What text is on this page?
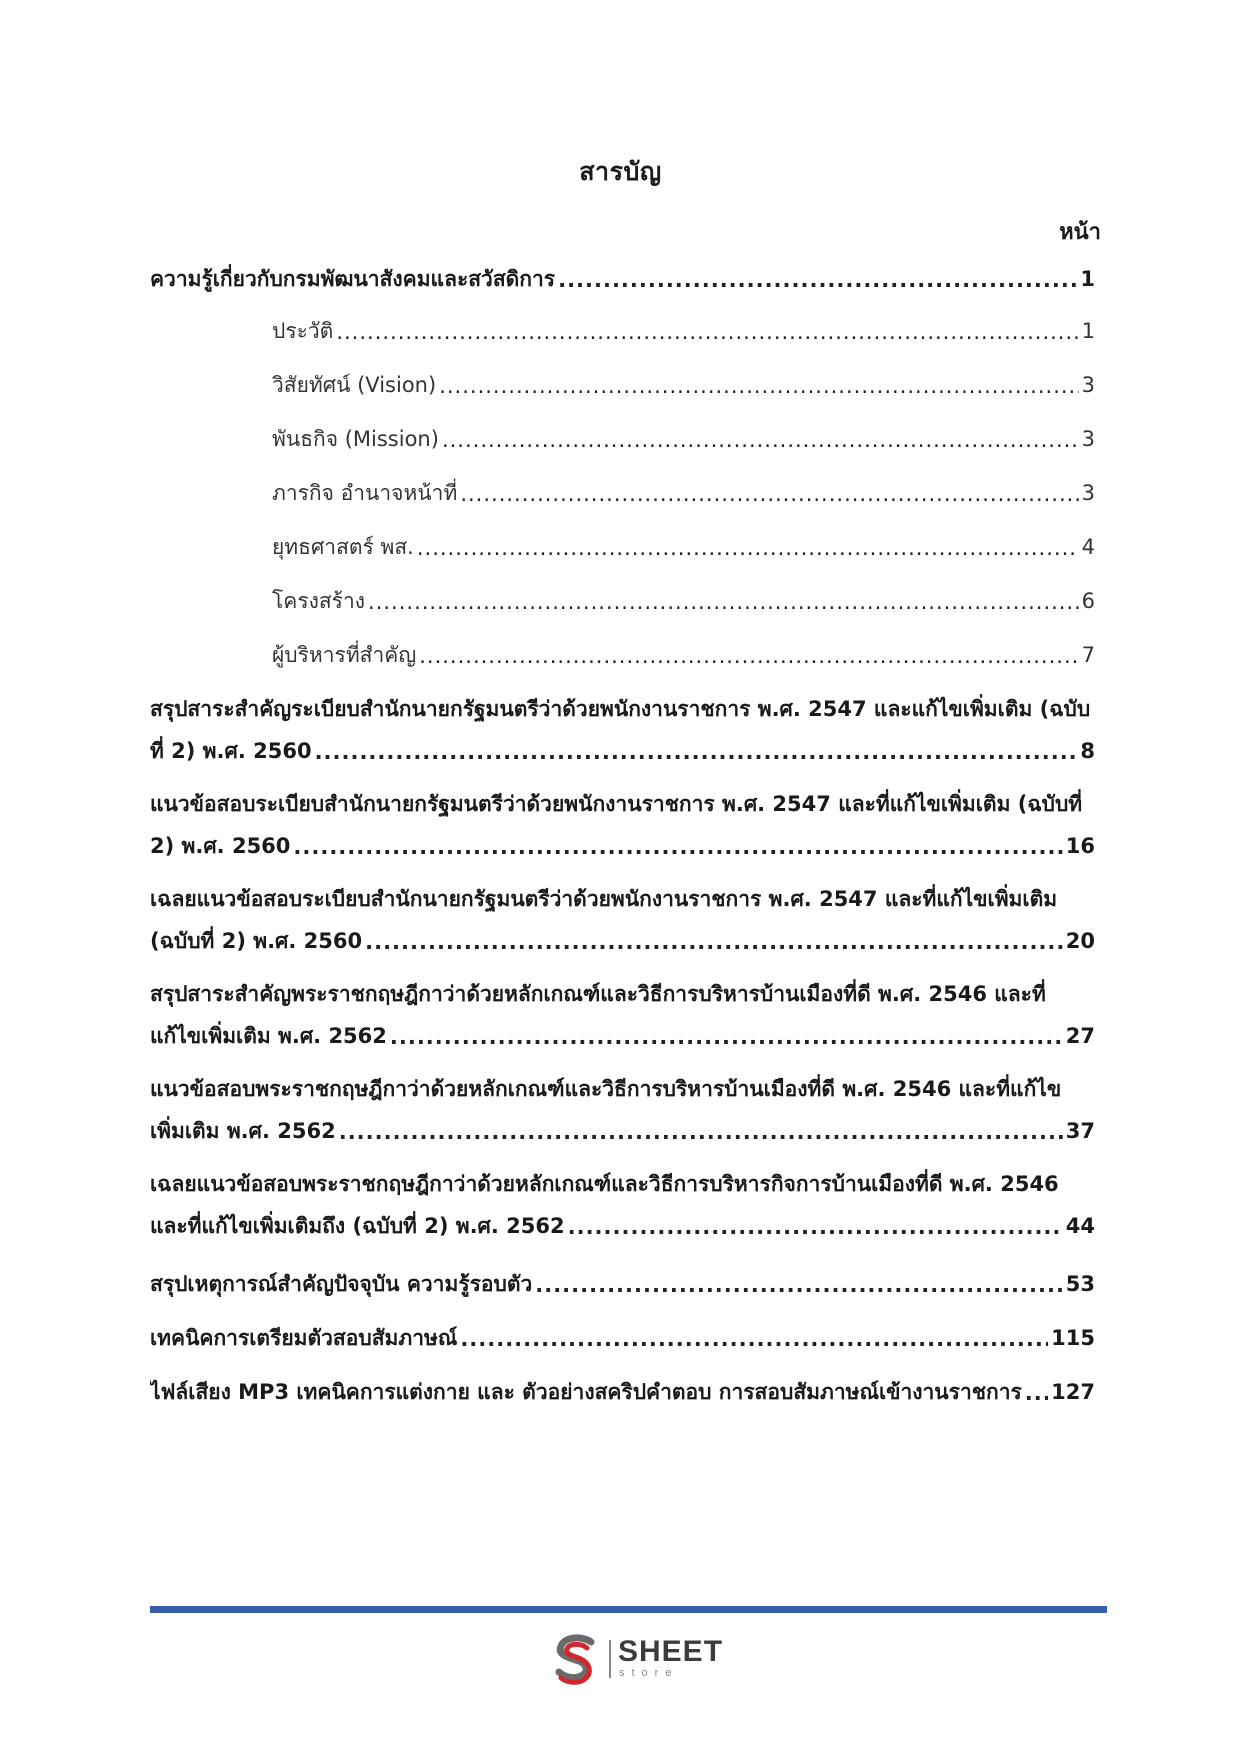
สารบัญ
หน้า
ความรู้เกี่ยวกับกรมพัฒนาสังคมและสวัสดิการ .....	1
ประวัติ .....	1
วิสัยทัศน์ (Vision) .....	3
พันธกิจ (Mission) .....	3
ภารกิจ อำนาจหน้าที่ .....	3
ยุทธศาสตร์ พส. .....	4
โครงสร้าง .....	6
ผู้บริหารที่สำคัญ .....	7
สรุปสาระสำคัญระเบียบสำนักนายกรัฐมนตรีว่าด้วยพนักงานราชการ พ.ศ. 2547 และแก้ไขเพิ่มเติม (ฉบับ
ที่ 2) พ.ศ. 2560 .....	8
แนวข้อสอบระเบียบสำนักนายกรัฐมนตรีว่าด้วยพนักงานราชการ พ.ศ. 2547 และที่แก้ไขเพิ่มเติม (ฉบับที่
2) พ.ศ. 2560 .....	16
เฉลยแนวข้อสอบระเบียบสำนักนายกรัฐมนตรีว่าด้วยพนักงานราชการ พ.ศ. 2547 และที่แก้ไขเพิ่มเติม
(ฉบับที่ 2) พ.ศ. 2560 .....	20
สรุปสาระสำคัญพระราชกฤษฎีกาว่าด้วยหลักเกณฑ์และวิธีการบริหารบ้านเมืองที่ดี พ.ศ. 2546 และที่
แก้ไขเพิ่มเติม พ.ศ. 2562 .....	27
แนวข้อสอบพระราชกฤษฎีกาว่าด้วยหลักเกณฑ์และวิธีการบริหารบ้านเมืองที่ดี พ.ศ. 2546 และที่แก้ไข
เพิ่มเติม พ.ศ. 2562 .....	37
เฉลยแนวข้อสอบพระราชกฤษฎีกาว่าด้วยหลักเกณฑ์และวิธีการบริหารกิจการบ้านเมืองที่ดี พ.ศ. 2546
และที่แก้ไขเพิ่มเติมถึง (ฉบับที่ 2) พ.ศ. 2562 .....	44
สรุปเหตุการณ์สำคัญปัจจุบัน ความรู้รอบตัว .....	53
เทคนิคการเตรียมตัวสอบสัมภาษณ์ .....	115
ไฟล์เสียง MP3 เทคนิคการแต่งกาย และ ตัวอย่างสคริปคำตอบ การสอบสัมภาษณ์เข้างานราชการ ..... 127
SHEET
store
